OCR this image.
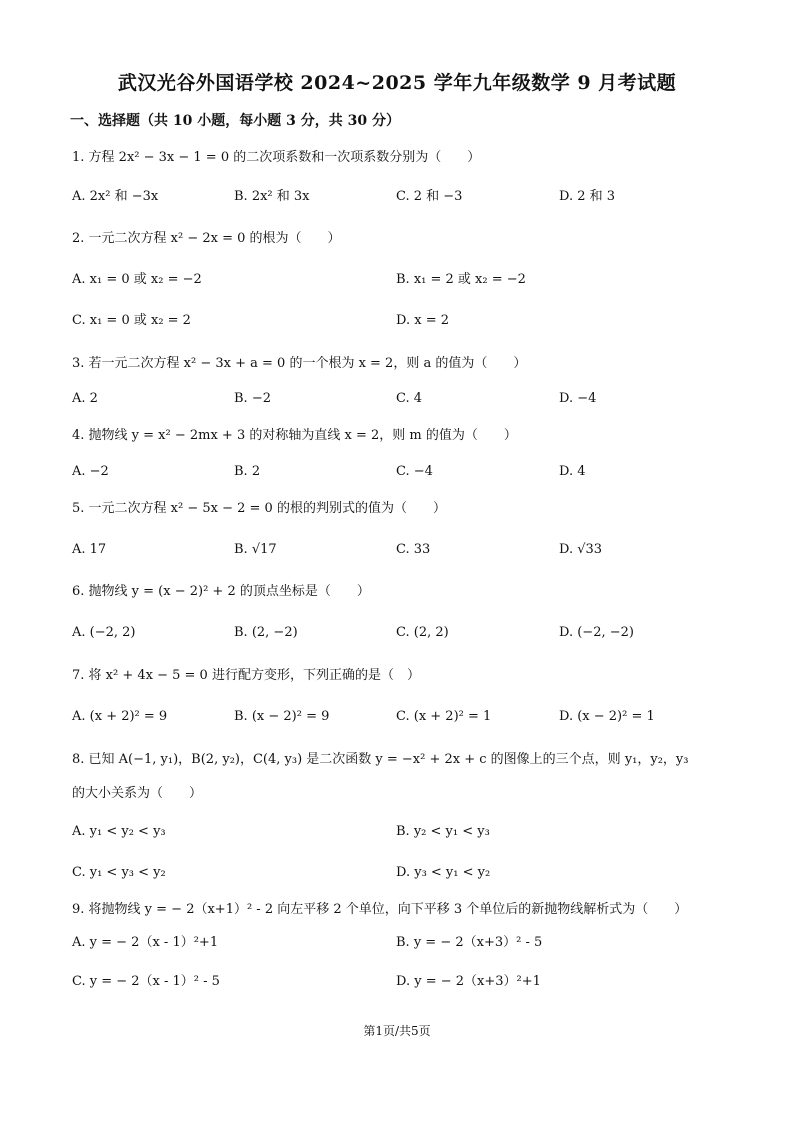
武汉光谷外国语学校 2024~2025 学年九年级数学 9 月考试题
一、选择题（共 10 小题，每小题 3 分，共 30 分）
1. 方程 2x² − 3x − 1 = 0 的二次项系数和一次项系数分别为（　　）
A. 2x² 和 −3x	B. 2x² 和 3x	C. 2 和 −3	D. 2 和 3
2. 一元二次方程 x² − 2x = 0 的根为（　　）
A. x₁ = 0 或 x₂ = −2	B. x₁ = 2 或 x₂ = −2
C. x₁ = 0 或 x₂ = 2	D. x = 2
3. 若一元二次方程 x² − 3x + a = 0 的一个根为 x = 2，则 a 的值为（　　）
A. 2	B. −2	C. 4	D. −4
4. 抛物线 y = x² − 2mx + 3 的对称轴为直线 x = 2，则 m 的值为（　　）
A. −2	B. 2	C. −4	D. 4
5. 一元二次方程 x² − 5x − 2 = 0 的根的判别式的值为（　　）
A. 17	B. √17	C. 33	D. √33
6. 抛物线 y = (x − 2)² + 2 的顶点坐标是（　　）
A. (−2, 2)	B. (2, −2)	C. (2, 2)	D. (−2, −2)
7. 将 x² + 4x − 5 = 0 进行配方变形，下列正确的是（　）
A. (x + 2)² = 9	B. (x − 2)² = 9	C. (x + 2)² = 1	D. (x − 2)² = 1
8. 已知 A(−1, y₁)，B(2, y₂)，C(4, y₃) 是二次函数 y = −x² + 2x + c 的图像上的三个点，则 y₁，y₂，y₃
的大小关系为（　　）
A. y₁ < y₂ < y₃	B. y₂ < y₁ < y₃
C. y₁ < y₃ < y₂	D. y₃ < y₁ < y₂
9. 将抛物线 y = − 2（x+1）² - 2 向左平移 2 个单位，向下平移 3 个单位后的新抛物线解析式为（　　）
A. y = − 2（x - 1）²+1	B. y = − 2（x+3）² - 5
C. y = − 2（x - 1）² - 5	D. y = − 2（x+3）²+1
第1页/共5页
